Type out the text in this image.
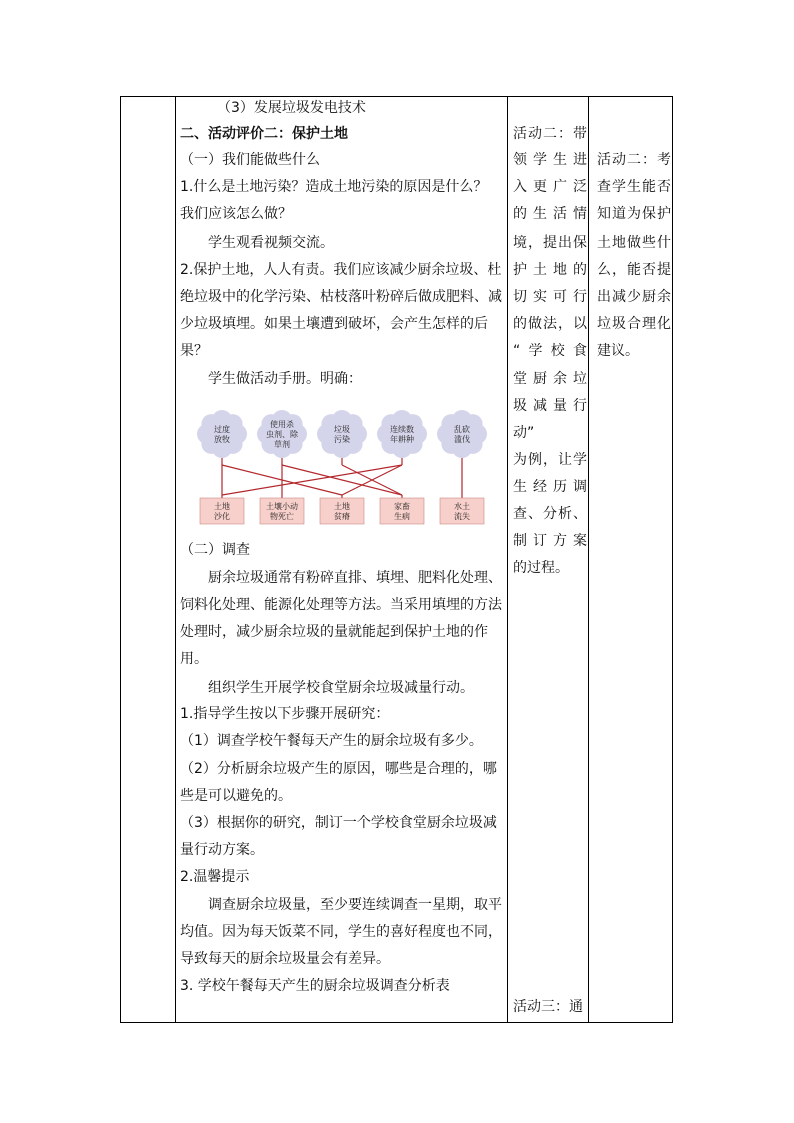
（3）发展垃圾发电技术
二、活动评价二：保护土地
（一）我们能做些什么
1.什么是土地污染？造成土地污染的原因是什么？
我们应该怎么做？
学生观看视频交流。
2.保护土地，人人有责。我们应该减少厨余垃圾、杜
绝垃圾中的化学污染、枯枝落叶粉碎后做成肥料、减
少垃圾填埋。如果土壤遭到破坏，会产生怎样的后
果？
学生做活动手册。明确：
过度
放牧
使用杀
虫剂、除
草剂
垃圾
污染
连续数
年耕种
乱砍
滥伐
土地
沙化
土壤小动
物死亡
土地
贫瘠
家畜
生病
水土
流失
（二）调查
厨余垃圾通常有粉碎直排、填埋、肥料化处理、
饲料化处理、能源化处理等方法。当采用填埋的方法
处理时，减少厨余垃圾的量就能起到保护土地的作
用。
组织学生开展学校食堂厨余垃圾减量行动。
1.指导学生按以下步骤开展研究：
（1）调查学校午餐每天产生的厨余垃圾有多少。
（2）分析厨余垃圾产生的原因，哪些是合理的，哪
些是可以避免的。
（3）根据你的研究，制订一个学校食堂厨余垃圾减
量行动方案。
2.温馨提示
调查厨余垃圾量，至少要连续调查一星期，取平
均值。因为每天饭菜不同，学生的喜好程度也不同，
导致每天的厨余垃圾量会有差异。
3. 学校午餐每天产生的厨余垃圾调查分析表
活动二：带
领学生进
入更广泛
的生活情
境，提出保
护土地的
切实可行
的做法，以
“学校食
堂厨余垃
圾减量行
动”
为例，让学
生经历调
查、分析、
制订方案
的过程。
活动三：通
活动二：考
查学生能否
知道为保护
土地做些什
么，能否提
出减少厨余
垃圾合理化
建议。
